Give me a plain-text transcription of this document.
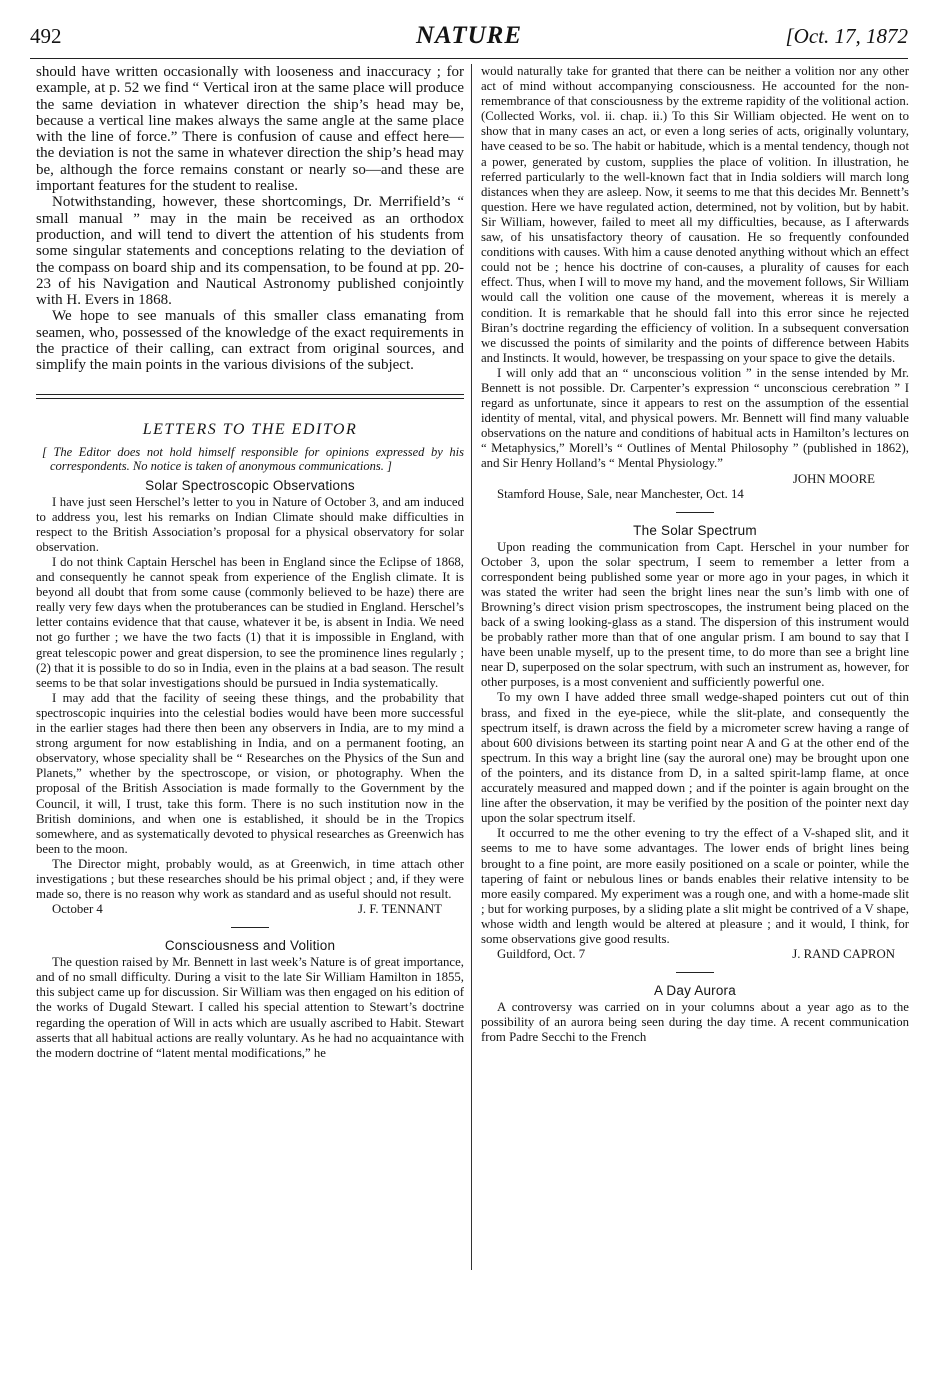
492	NATURE	[Oct. 17, 1872

should have written occasionally with looseness and inaccuracy ; for example, at p. 52 we find “ Vertical iron at the same place will produce the same deviation in whatever direction the ship’s head may be, because a vertical line makes always the same angle at the same place with the line of force.” There is confusion of cause and effect here—the deviation is not the same in whatever direction the ship’s head may be, although the force remains constant or nearly so—and these are important features for the student to realise.

Notwithstanding, however, these shortcomings, Dr. Merrifield’s “ small manual ” may in the main be received as an orthodox production, and will tend to divert the attention of his students from some singular statements and conceptions relating to the deviation of the compass on board ship and its compensation, to be found at pp. 20-23 of his Navigation and Nautical Astronomy published conjointly with H. Evers in 1868.

We hope to see manuals of this smaller class emanating from seamen, who, possessed of the knowledge of the exact requirements in the practice of their calling, can extract from original sources, and simplify the main points in the various divisions of the subject.

LETTERS TO THE EDITOR

[ The Editor does not hold himself responsible for opinions expressed by his correspondents. No notice is taken of anonymous communications. ]

Solar Spectroscopic Observations

I have just seen Herschel’s letter to you in Nature of October 3, and am induced to address you, lest his remarks on Indian Climate should make difficulties in respect to the British Association’s proposal for a physical observatory for solar observation.

I do not think Captain Herschel has been in England since the Eclipse of 1868, and consequently he cannot speak from experience of the English climate. It is beyond all doubt that from some cause (commonly believed to be haze) there are really very few days when the protuberances can be studied in England. Herschel’s letter contains evidence that that cause, whatever it be, is absent in India. We need not go further ; we have the two facts (1) that it is impossible in England, with great telescopic power and great dispersion, to see the prominence lines regularly ; (2) that it is possible to do so in India, even in the plains at a bad season. The result seems to be that solar investigations should be pursued in India systematically.

I may add that the facility of seeing these things, and the probability that spectroscopic inquiries into the celestial bodies would have been more successful in the earlier stages had there then been any observers in India, are to my mind a strong argument for now establishing in India, and on a permanent footing, an observatory, whose speciality shall be “ Researches on the Physics of the Sun and Planets,” whether by the spectroscope, or vision, or photography. When the proposal of the British Association is made formally to the Government by the Council, it will, I trust, take this form. There is no such institution now in the British dominions, and when one is established, it should be in the Tropics somewhere, and as systematically devoted to physical researches as Greenwich has been to the moon.

The Director might, probably would, as at Greenwich, in time attach other investigations ; but these researches should be his primal object ; and, if they were made so, there is no reason why work as standard and as useful should not result.

October 4	J. F. TENNANT
Consciousness and Volition

The question raised by Mr. Bennett in last week’s Nature is of great importance, and of no small difficulty. During a visit to the late Sir William Hamilton in 1855, this subject came up for discussion. Sir William was then engaged on his edition of the works of Dugald Stewart. I called his special attention to Stewart’s doctrine regarding the operation of Will in acts which are usually ascribed to Habit. Stewart asserts that all habitual actions are really voluntary. As he had no acquaintance with the modern doctrine of “latent mental modifications,” he

would naturally take for granted that there can be neither a volition nor any other act of mind without accompanying consciousness. He accounted for the non-remembrance of that consciousness by the extreme rapidity of the volitional action. (Collected Works, vol. ii. chap. ii.) To this Sir William objected. He went on to show that in many cases an act, or even a long series of acts, originally voluntary, have ceased to be so. The habit or habitude, which is a mental tendency, though not a power, generated by custom, supplies the place of volition. In illustration, he referred particularly to the well-known fact that in India soldiers will march long distances when they are asleep. Now, it seems to me that this decides Mr. Bennett’s question. Here we have regulated action, determined, not by volition, but by habit. Sir William, however, failed to meet all my difficulties, because, as I afterwards saw, of his unsatisfactory theory of causation. He so frequently confounded conditions with causes. With him a cause denoted anything without which an effect could not be ; hence his doctrine of con-causes, a plurality of causes for each effect. Thus, when I will to move my hand, and the movement follows, Sir William would call the volition one cause of the movement, whereas it is merely a condition. It is remarkable that he should fall into this error since he rejected Biran’s doctrine regarding the efficiency of volition. In a subsequent conversation we discussed the points of similarity and the points of difference between Habits and Instincts. It would, however, be trespassing on your space to give the details.

I will only add that an “ unconscious volition ” in the sense intended by Mr. Bennett is not possible. Dr. Carpenter’s expression “ unconscious cerebration ” I regard as unfortunate, since it appears to rest on the assumption of the essential identity of mental, vital, and physical powers. Mr. Bennett will find many valuable observations on the nature and conditions of habitual acts in Hamilton’s lectures on “ Metaphysics,” Morell’s “ Outlines of Mental Philosophy ” (published in 1862), and Sir Henry Holland’s “ Mental Physiology.”

JOHN MOORE
Stamford House, Sale, near Manchester, Oct. 14
The Solar Spectrum

Upon reading the communication from Capt. Herschel in your number for October 3, upon the solar spectrum, I seem to remember a letter from a correspondent being published some year or more ago in your pages, in which it was stated the writer had seen the bright lines near the sun’s limb with one of Browning’s direct vision prism spectroscopes, the instrument being placed on the back of a swing looking-glass as a stand. The dispersion of this instrument would be probably rather more than that of one angular prism. I am bound to say that I have been unable myself, up to the present time, to do more than see a bright line near D, superposed on the solar spectrum, with such an instrument as, however, for other purposes, is a most convenient and sufficiently powerful one.

To my own I have added three small wedge-shaped pointers cut out of thin brass, and fixed in the eye-piece, while the slit-plate, and consequently the spectrum itself, is drawn across the field by a micrometer screw having a range of about 600 divisions between its starting point near A and G at the other end of the spectrum. In this way a bright line (say the auroral one) may be brought upon one of the pointers, and its distance from D, in a salted spirit-lamp flame, at once accurately measured and mapped down ; and if the pointer is again brought on the line after the observation, it may be verified by the position of the pointer next day upon the solar spectrum itself.

It occurred to me the other evening to try the effect of a V-shaped slit, and it seems to me to have some advantages. The lower ends of bright lines being brought to a fine point, are more easily positioned on a scale or pointer, while the tapering of faint or nebulous lines or bands enables their relative intensity to be more easily compared. My experiment was a rough one, and with a home-made slit ; but for working purposes, by a sliding plate a slit might be contrived of a V shape, whose width and length would be altered at pleasure ; and it would, I think, for some observations give good results.

Guildford, Oct. 7	J. RAND CAPRON
A Day Aurora

A controversy was carried on in your columns about a year ago as to the possibility of an aurora being seen during the day time. A recent communication from Padre Secchi to the French
